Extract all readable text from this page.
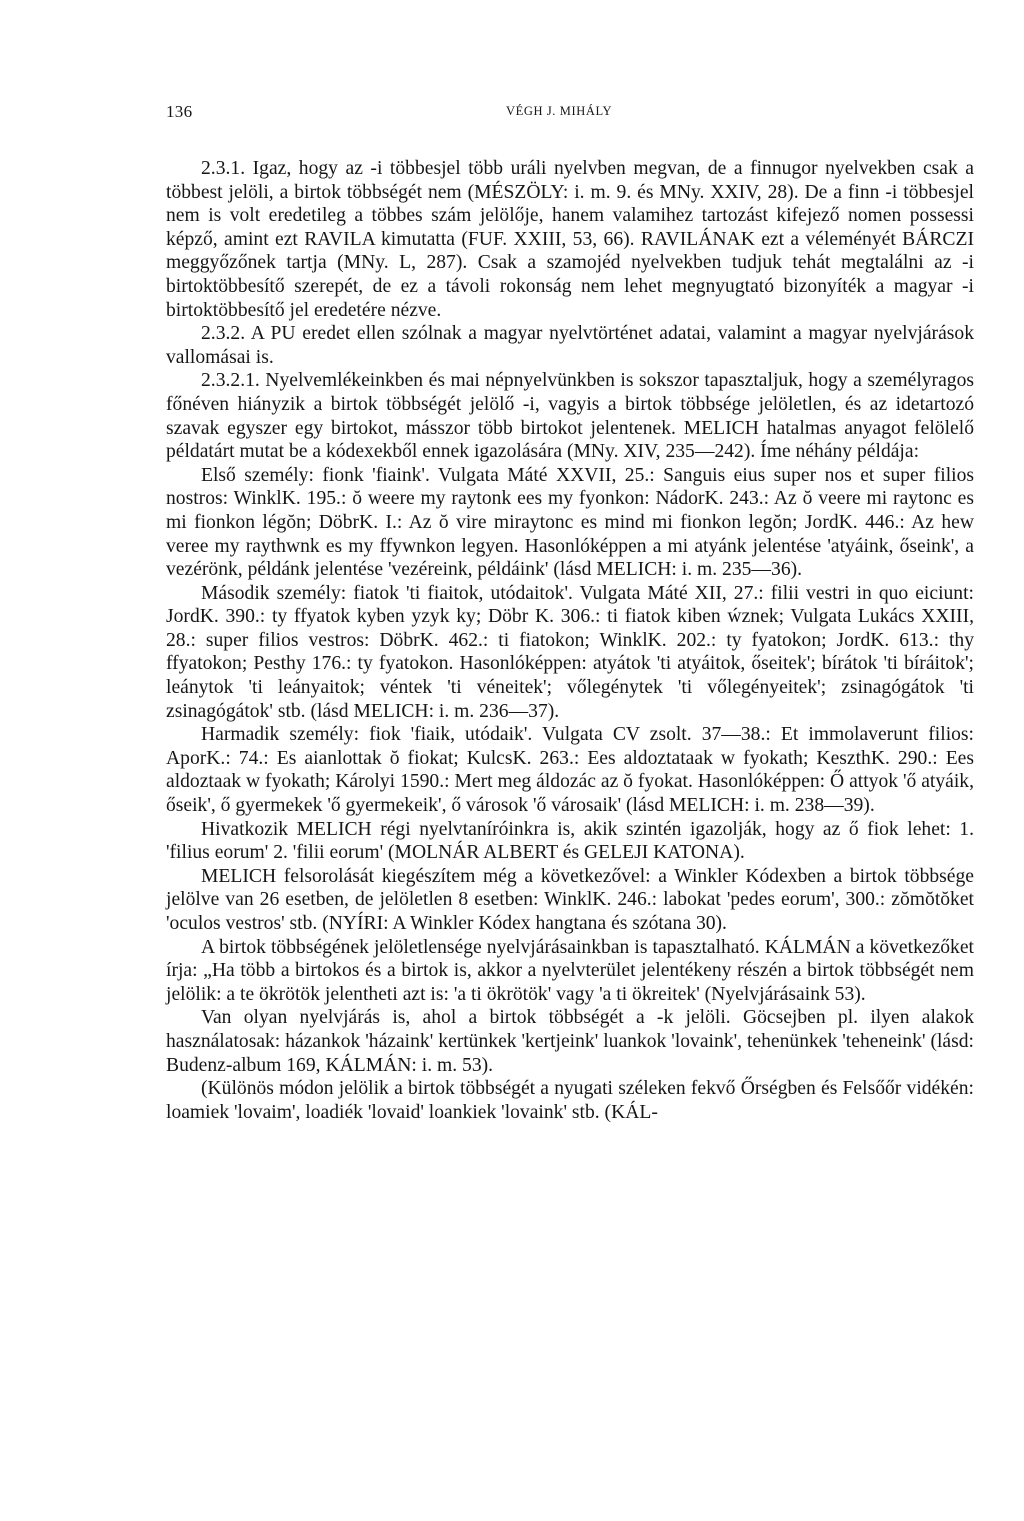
136	VÉGH J. MIHÁLY

2.3.1. Igaz, hogy az -i többesjel több uráli nyelvben megvan, de a finnugor nyelvekben csak a többest jelöli, a birtok többségét nem (MÉSZÖLY: i. m. 9. és MNy. XXIV, 28). De a finn -i többesjel nem is volt eredetileg a többes szám jelölője, hanem valamihez tartozást kifejező nomen possessi képző, amint ezt RAVILA kimutatta (FUF. XXIII, 53, 66). RAVILÁNAK ezt a véleményét BÁRCZI meggyőzőnek tartja (MNy. L, 287). Csak a szamojéd nyelvekben tudjuk tehát megtalálni az -i birtoktöbbesítő szerepét, de ez a távoli rokonság nem lehet megnyugtató bizonyíték a magyar -i birtoktöbbesítő jel eredetére nézve.

2.3.2. A PU eredet ellen szólnak a magyar nyelvtörténet adatai, valamint a magyar nyelvjárások vallomásai is.

2.3.2.1. Nyelvemlékeinkben és mai népnyelvünkben is sokszor tapasztaljuk, hogy a személyragos főnéven hiányzik a birtok többségét jelölő -i, vagyis a birtok többsége jelöletlen, és az idetartozó szavak egyszer egy birtokot, másszor több birtokot jelentenek. MELICH hatalmas anyagot felölelő példatárt mutat be a kódexekből ennek igazolására (MNy. XIV, 235—242). Íme néhány példája:

Első személy: fionk 'fiaink'. Vulgata Máté XXVII, 25.: Sanguis eius super nos et super filios nostros: WinklK. 195.: ŏ weere my raytonk ees my fyonkon: NádorK. 243.: Az ŏ veere mi raytonc es mi fionkon légŏn; DöbrK. I.: Az ŏ vire miraytonc es mind mi fionkon legŏn; JordK. 446.: Az hew veree my raythwnk es my ffywnkon legyen. Hasonlóképpen a mi atyánk jelentése 'atyáink, őseink', a vezérönk, példánk jelentése 'vezéreink, példáink' (lásd MELICH: i. m. 235—36).

Második személy: fiatok 'ti fiaitok, utódaitok'. Vulgata Máté XII, 27.: filii vestri in quo eiciunt: JordK. 390.: ty ffyatok kyben yzyk ky; Döbr K. 306.: ti fiatok kiben ẃznek; Vulgata Lukács XXIII, 28.: super filios vestros: DöbrK. 462.: ti fiatokon; WinklK. 202.: ty fyatokon; JordK. 613.: thy ffyatokon; Pesthy 176.: ty fyatokon. Hasonlóképpen: atyátok 'ti atyáitok, őseitek'; bírátok 'ti bíráitok'; leánytok 'ti leányaitok; véntek 'ti véneitek'; vőlegénytek 'ti vőlegényeitek'; zsinagógátok 'ti zsinagógátok' stb. (lásd MELICH: i. m. 236—37).

Harmadik személy: fiok 'fiaik, utódaik'. Vulgata CV zsolt. 37—38.: Et immolaverunt filios: AporK.: 74.: Es aianlottak ŏ fiokat; KulcsK. 263.: Ees aldoztataak w fyokath; KeszthK. 290.: Ees aldoztaak w fyokath; Károlyi 1590.: Mert meg áldozác az ŏ fyokat. Hasonlóképpen: Ő attyok 'ő atyáik, őseik', ő gyermekek 'ő gyermekeik', ő városok 'ő városaik' (lásd MELICH: i. m. 238—39).

Hivatkozik MELICH régi nyelvtaníróinkra is, akik szintén igazolják, hogy az ő fiok lehet: 1. 'filius eorum' 2. 'filii eorum' (MOLNÁR ALBERT és GELEJI KATONA).

MELICH felsorolását kiegészítem még a következővel: a Winkler Kódexben a birtok többsége jelölve van 26 esetben, de jelöletlen 8 esetben: WinklK. 246.: labokat 'pedes eorum', 300.: zŏmŏtŏket 'oculos vestros' stb. (NYÍRI: A Winkler Kódex hangtana és szótana 30).

A birtok többségének jelöletlensége nyelvjárásainkban is tapasztalható. KÁLMÁN a következőket írja: „Ha több a birtokos és a birtok is, akkor a nyelvterület jelentékeny részén a birtok többségét nem jelölik: a te ökrötök jelentheti azt is: 'a ti ökrötök' vagy 'a ti ökreitek' (Nyelvjárásaink 53).

Van olyan nyelvjárás is, ahol a birtok többségét a -k jelöli. Göcsejben pl. ilyen alakok használatosak: házankok 'házaink' kertünkek 'kertjeink' luankok 'lovaink', tehenünkek 'teheneink' (lásd: Budenz-album 169, KÁLMÁN: i. m. 53).

(Különös módon jelölik a birtok többségét a nyugati széleken fekvő Őrségben és Felsőőr vidékén: loamiek 'lovaim', loadiék 'lovaid' loankiek 'lovaink' stb. (KÁL-
